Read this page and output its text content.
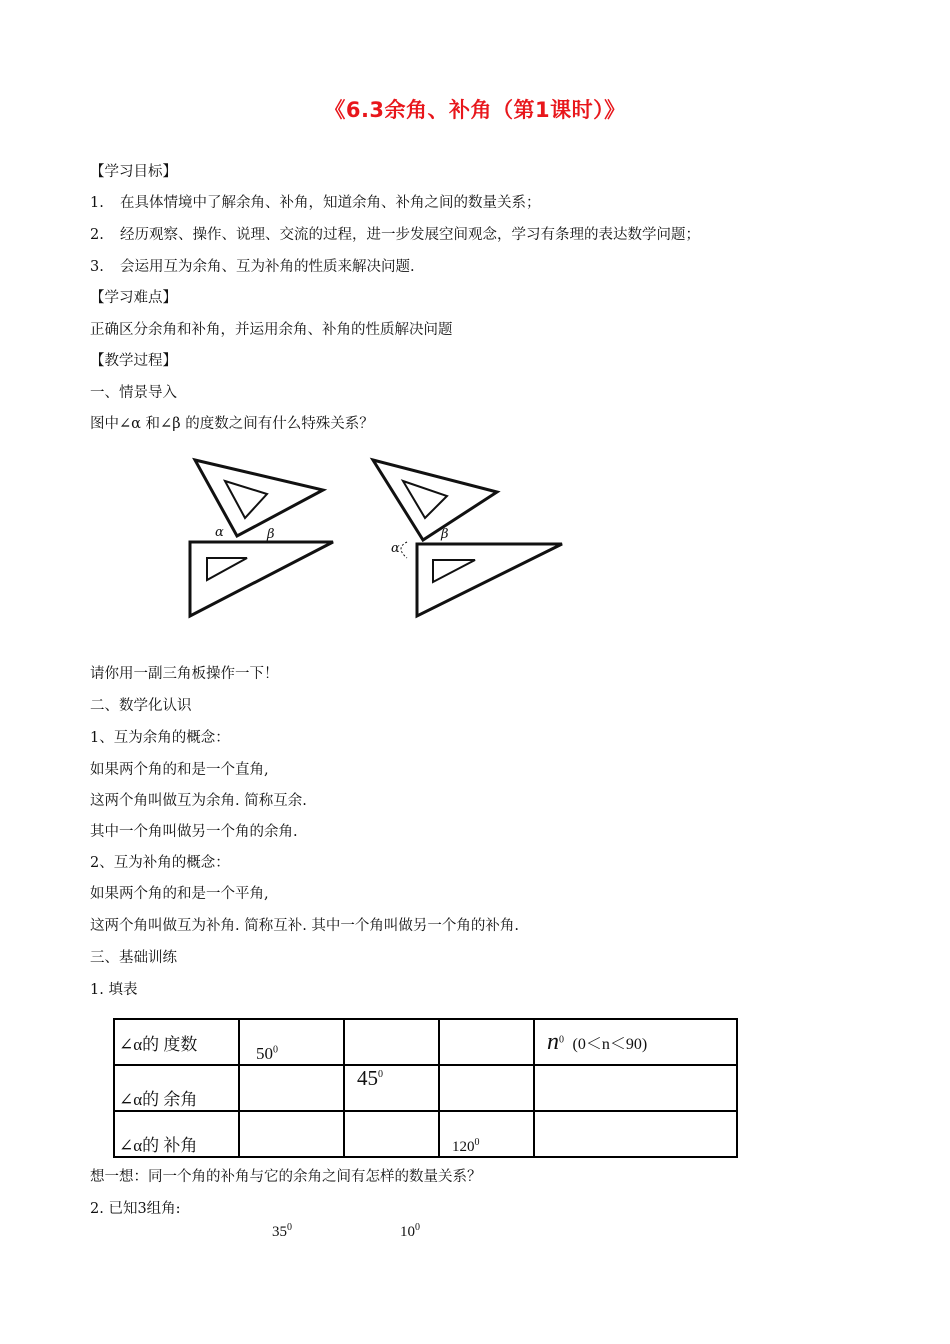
《6.3余角、补角（第1课时）》
【学习目标】
1. 在具体情境中了解余角、补角，知道余角、补角之间的数量关系；
2. 经历观察、操作、说理、交流的过程，进一步发展空间观念，学习有条理的表达数学问题；
3. 会运用互为余角、互为补角的性质来解决问题.
【学习难点】
正确区分余角和补角，并运用余角、补角的性质解决问题
【教学过程】
一、情景导入
图中∠α 和∠β 的度数之间有什么特殊关系？
α	β
α
β
请你用一副三角板操作一下！
二、数学化认识
1、互为余角的概念：
如果两个角的和是一个直角,
这两个角叫做互为余角. 简称互余.
其中一个角叫做另一个角的余角.
2、互为补角的概念：
如果两个角的和是一个平角,
这两个角叫做互为补角. 简称互补. 其中一个角叫做另一个角的补角.
三、基础训练
1. 填表
∠α的 度数	$50^0$			$n^0$ (0＜n＜90)
∠α的 余角		$45^0$		
∠α的 补角			$120^0$	
想一想：同一个角的补角与它的余角之间有怎样的数量关系？
2. 已知3组角:
$35^0$	$10^0$
